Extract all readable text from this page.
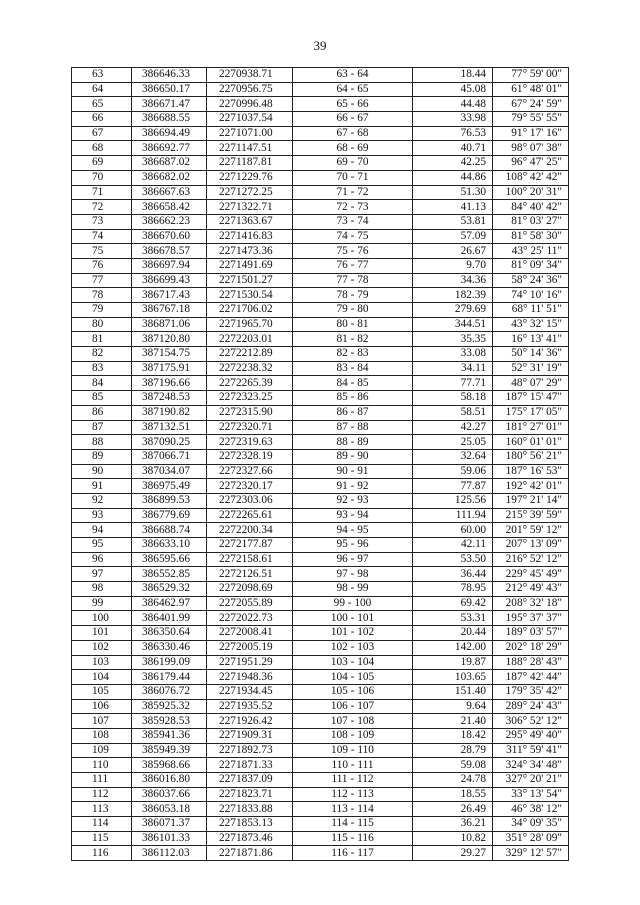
39
63	386646.33	2270938.71	63 - 64	18.44	77° 59' 00"
64	386650.17	2270956.75	64 - 65	45.08	61° 48' 01"
65	386671.47	2270996.48	65 - 66	44.48	67° 24' 59"
66	386688.55	2271037.54	66 - 67	33.98	79° 55' 55"
67	386694.49	2271071.00	67 - 68	76.53	91° 17' 16"
68	386692.77	2271147.51	68 - 69	40.71	98° 07' 38"
69	386687.02	2271187.81	69 - 70	42.25	96° 47' 25"
70	386682.02	2271229.76	70 - 71	44.86	108° 42' 42"
71	386667.63	2271272.25	71 - 72	51.30	100° 20' 31"
72	386658.42	2271322.71	72 - 73	41.13	84° 40' 42"
73	386662.23	2271363.67	73 - 74	53.81	81° 03' 27"
74	386670.60	2271416.83	74 - 75	57.09	81° 58' 30"
75	386678.57	2271473.36	75 - 76	26.67	43° 25' 11"
76	386697.94	2271491.69	76 - 77	9.70	81° 09' 34"
77	386699.43	2271501.27	77 - 78	34.36	58° 24' 36"
78	386717.43	2271530.54	78 - 79	182.39	74° 10' 16"
79	386767.18	2271706.02	79 - 80	279.69	68° 11' 51"
80	386871.06	2271965.70	80 - 81	344.51	43° 32' 15"
81	387120.80	2272203.01	81 - 82	35.35	16° 13' 41"
82	387154.75	2272212.89	82 - 83	33.08	50° 14' 36"
83	387175.91	2272238.32	83 - 84	34.11	52° 31' 19"
84	387196.66	2272265.39	84 - 85	77.71	48° 07' 29"
85	387248.53	2272323.25	85 - 86	58.18	187° 15' 47"
86	387190.82	2272315.90	86 - 87	58.51	175° 17' 05"
87	387132.51	2272320.71	87 - 88	42.27	181° 27' 01"
88	387090.25	2272319.63	88 - 89	25.05	160° 01' 01"
89	387066.71	2272328.19	89 - 90	32.64	180° 56' 21"
90	387034.07	2272327.66	90 - 91	59.06	187° 16' 53"
91	386975.49	2272320.17	91 - 92	77.87	192° 42' 01"
92	386899.53	2272303.06	92 - 93	125.56	197° 21' 14"
93	386779.69	2272265.61	93 - 94	111.94	215° 39' 59"
94	386688.74	2272200.34	94 - 95	60.00	201° 59' 12"
95	386633.10	2272177.87	95 - 96	42.11	207° 13' 09"
96	386595.66	2272158.61	96 - 97	53.50	216° 52' 12"
97	386552.85	2272126.51	97 - 98	36.44	229° 45' 49"
98	386529.32	2272098.69	98 - 99	78.95	212° 49' 43"
99	386462.97	2272055.89	99 - 100	69.42	208° 32' 18"
100	386401.99	2272022.73	100 - 101	53.31	195° 37' 37"
101	386350.64	2272008.41	101 - 102	20.44	189° 03' 57"
102	386330.46	2272005.19	102 - 103	142.00	202° 18' 29"
103	386199.09	2271951.29	103 - 104	19.87	188° 28' 43"
104	386179.44	2271948.36	104 - 105	103.65	187° 42' 44"
105	386076.72	2271934.45	105 - 106	151.40	179° 35' 42"
106	385925.32	2271935.52	106 - 107	9.64	289° 24' 43"
107	385928.53	2271926.42	107 - 108	21.40	306° 52' 12"
108	385941.36	2271909.31	108 - 109	18.42	295° 49' 40"
109	385949.39	2271892.73	109 - 110	28.79	311° 59' 41"
110	385968.66	2271871.33	110 - 111	59.08	324° 34' 48"
111	386016.80	2271837.09	111 - 112	24.78	327° 20' 21"
112	386037.66	2271823.71	112 - 113	18.55	33° 13' 54"
113	386053.18	2271833.88	113 - 114	26.49	46° 38' 12"
114	386071.37	2271853.13	114 - 115	36.21	34° 09' 35"
115	386101.33	2271873.46	115 - 116	10.82	351° 28' 09"
116	386112.03	2271871.86	116 - 117	29.27	329° 12' 57"
